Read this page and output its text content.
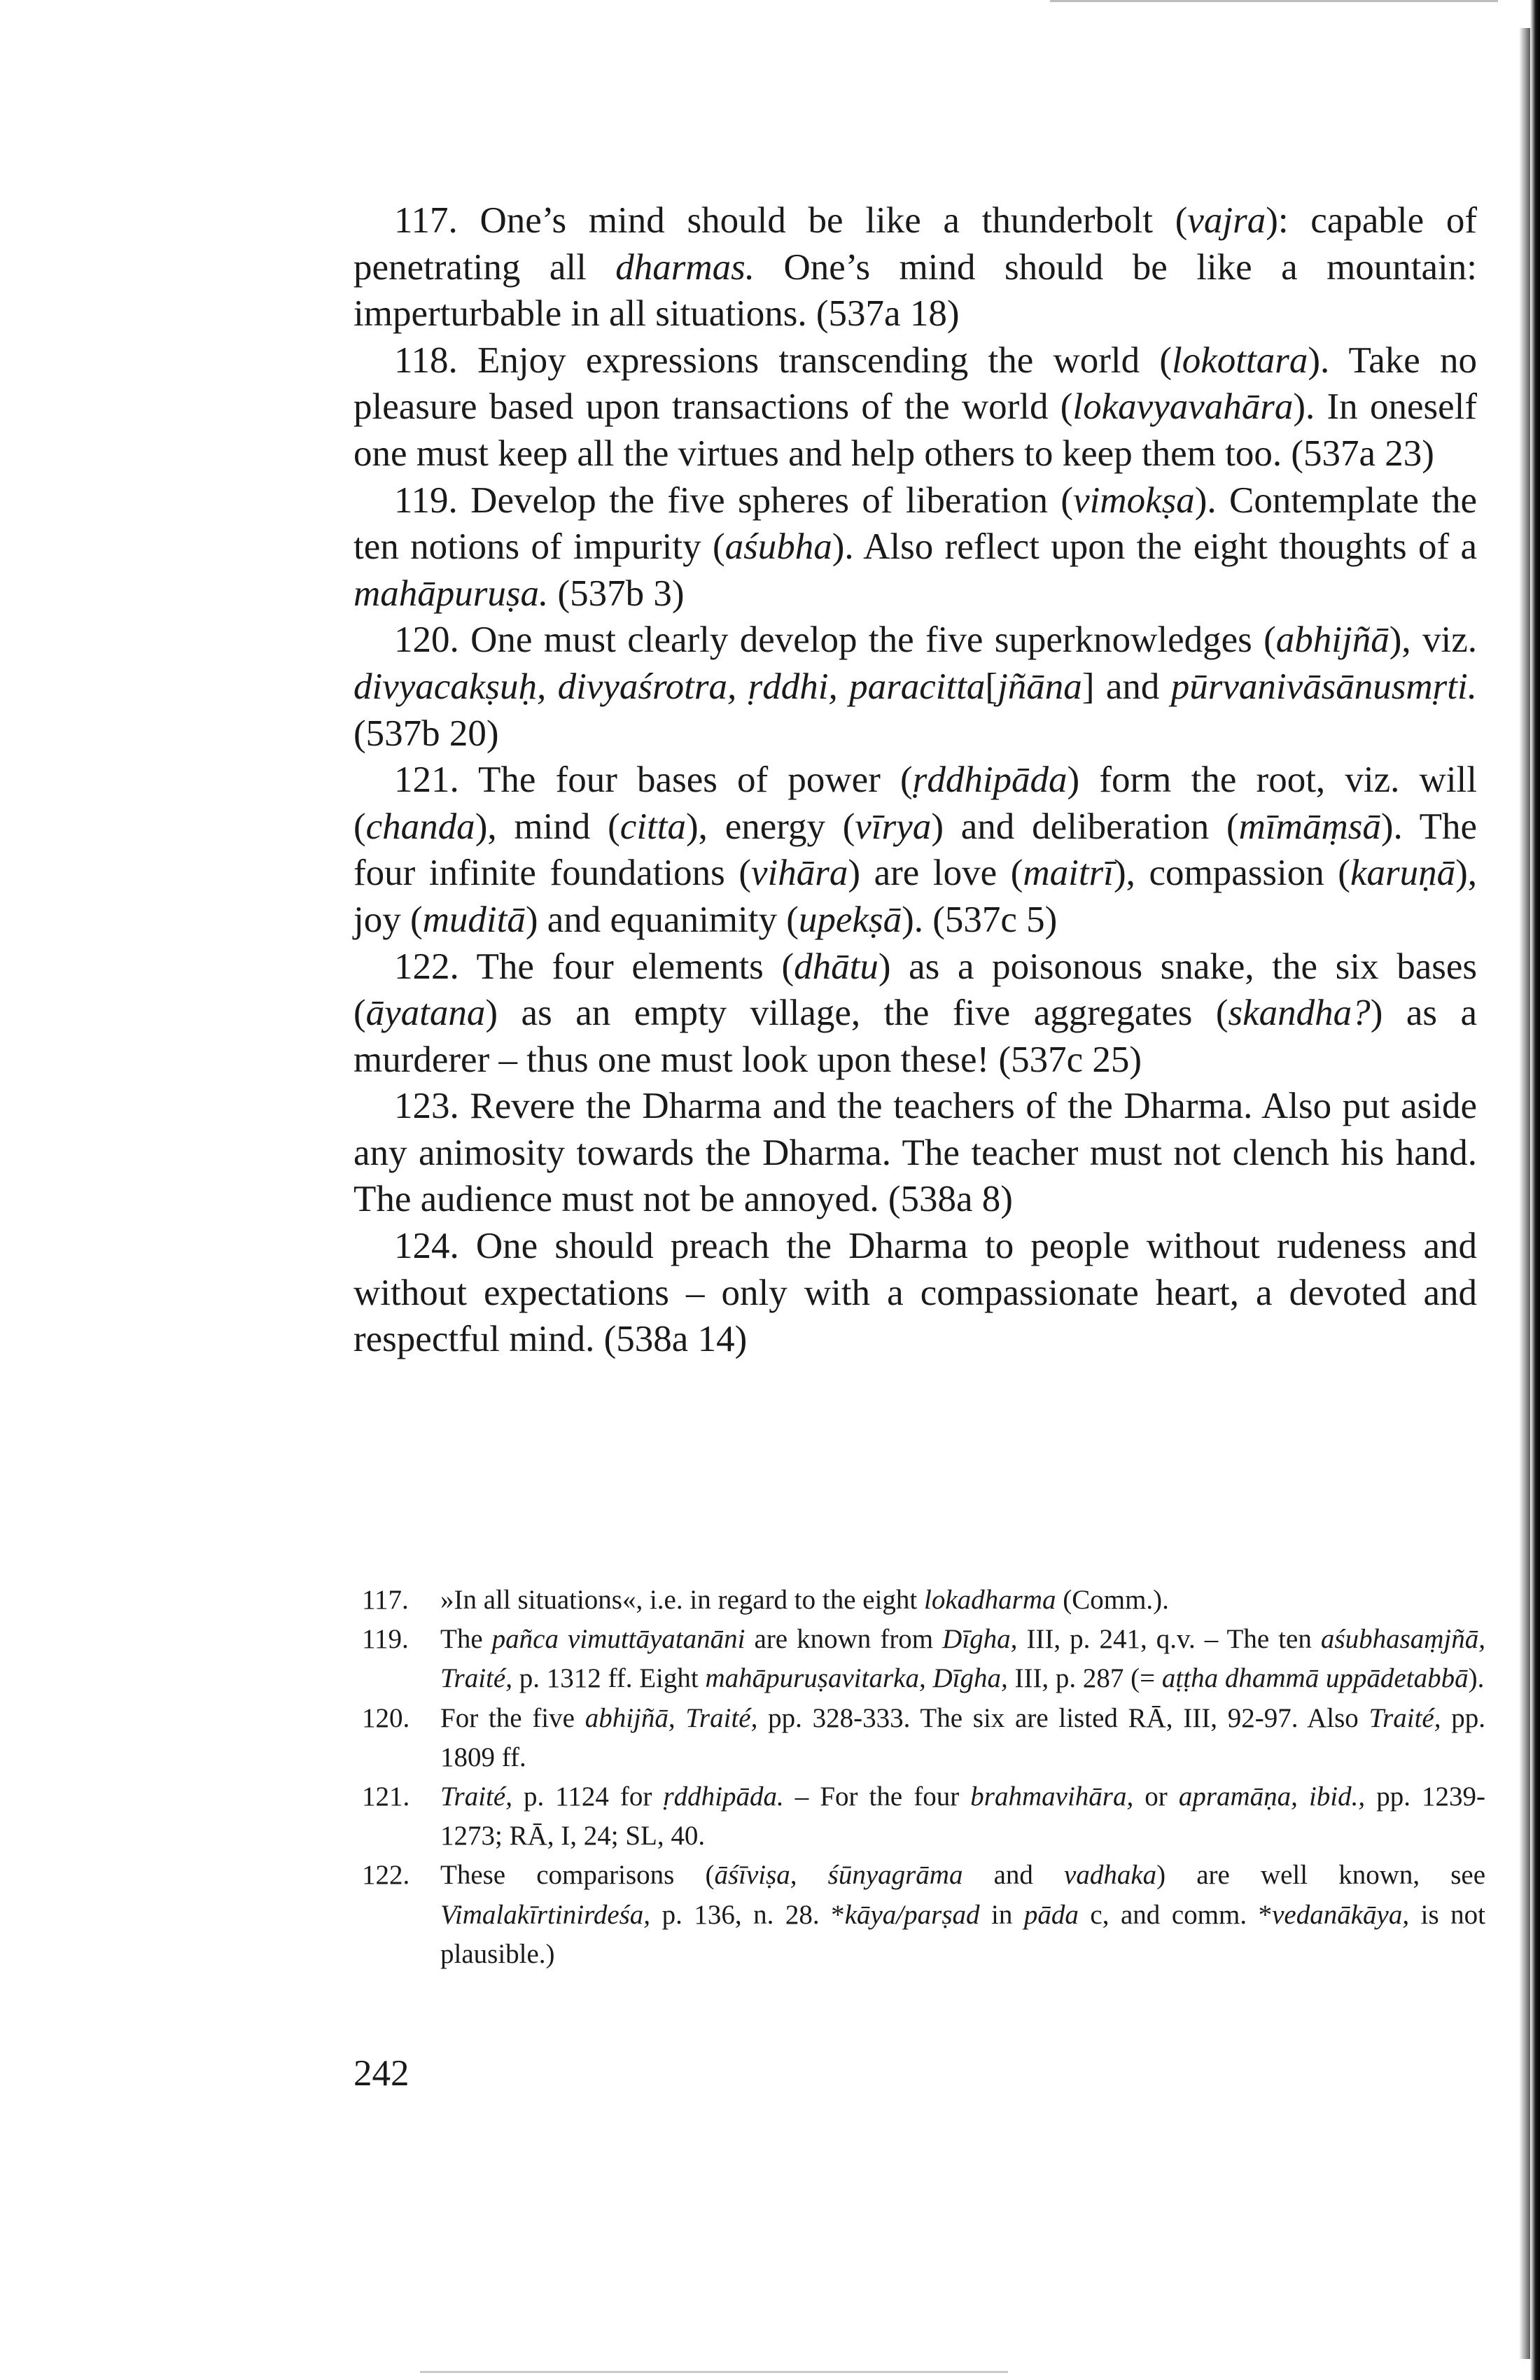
117. One’s mind should be like a thunderbolt (vajra): capable of penetrating all dharmas. One’s mind should be like a mountain: imperturbable in all situations. (537a 18)

118. Enjoy expressions transcending the world (lokottara). Take no pleasure based upon transactions of the world (lokavyavahāra). In oneself one must keep all the virtues and help others to keep them too. (537a 23)

119. Develop the five spheres of liberation (vimokṣa). Contemplate the ten notions of impurity (aśubha). Also reflect upon the eight thoughts of a mahāpuruṣa. (537b 3)

120. One must clearly develop the five superknowledges (abhijñā), viz. divyacakṣuḥ, divyaśrotra, ṛddhi, paracitta[jñāna] and pūrvanivāsānusmṛti. (537b 20)

121. The four bases of power (ṛddhipāda) form the root, viz. will (chanda), mind (citta), energy (vīrya) and deliberation (mīmāṃsā). The four infinite foundations (vihāra) are love (maitrī), compassion (karuṇā), joy (muditā) and equanimity (upekṣā). (537c 5)

122. The four elements (dhātu) as a poisonous snake, the six bases (āyatana) as an empty village, the five aggregates (skandha?) as a murderer – thus one must look upon these! (537c 25)

123. Revere the Dharma and the teachers of the Dharma. Also put aside any animosity towards the Dharma. The teacher must not clench his hand. The audience must not be annoyed. (538a 8)

124. One should preach the Dharma to people without rudeness and without expectations – only with a compassionate heart, a devoted and respectful mind. (538a 14)

117. »In all situations«, i.e. in regard to the eight lokadharma (Comm.).
119. The pañca vimuttāyatanāni are known from Dīgha, III, p. 241, q.v. – The ten aśubhasaṃjñā, Traité, p. 1312 ff. Eight mahāpuruṣavitarka, Dīgha, III, p. 287 (= aṭṭha dhammā uppādetabbā).
120. For the five abhijñā, Traité, pp. 328-333. The six are listed RĀ, III, 92-97. Also Traité, pp. 1809 ff.
121. Traité, p. 1124 for ṛddhipāda. – For the four brahmavihāra, or apramāṇa, ibid., pp. 1239-1273; RĀ, I, 24; SL, 40.
122. These comparisons (āśīviṣa, śūnyagrāma and vadhaka) are well known, see Vimalakīrtinirdeśa, p. 136, n. 28. *kāya/parṣad in pāda c, and comm. *vedanākāya, is not plausible.)
242
